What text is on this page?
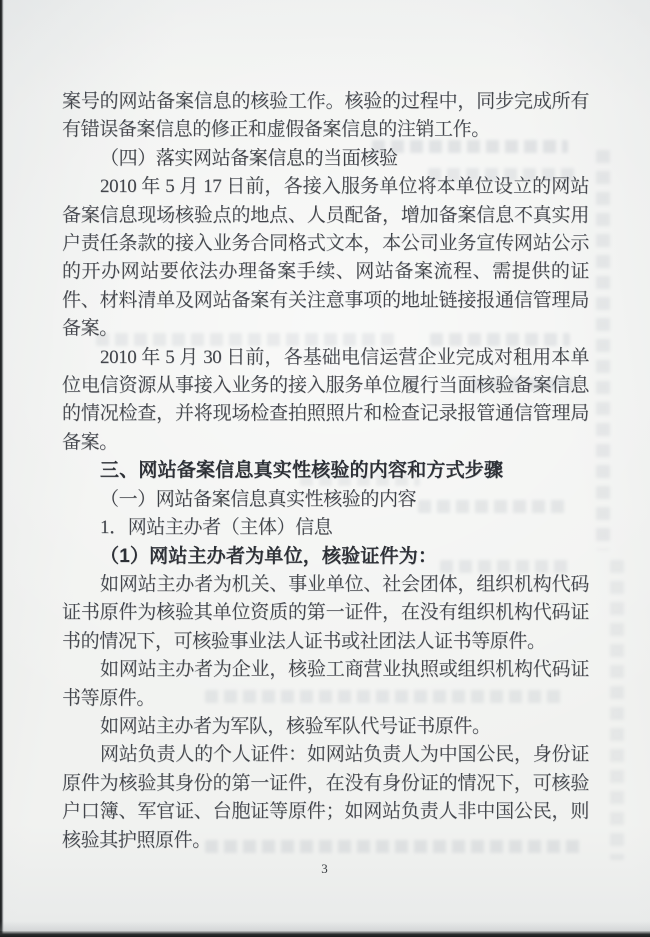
案号的网站备案信息的核验工作。核验的过程中，同步完成所有有错误备案信息的修正和虚假备案信息的注销工作。

（四）落实网站备案信息的当面核验

2010 年 5 月 17 日前，各接入服务单位将本单位设立的网站备案信息现场核验点的地点、人员配备，增加备案信息不真实用户责任条款的接入业务合同格式文本，本公司业务宣传网站公示的开办网站要依法办理备案手续、网站备案流程、需提供的证件、材料清单及网站备案有关注意事项的地址链接报通信管理局备案。

2010 年 5 月 30 日前，各基础电信运营企业完成对租用本单位电信资源从事接入业务的接入服务单位履行当面核验备案信息的情况检查，并将现场检查拍照照片和检查记录报管通信管理局备案。

三、网站备案信息真实性核验的内容和方式步骤

（一）网站备案信息真实性核验的内容

1．网站主办者（主体）信息

（1）网站主办者为单位，核验证件为：

如网站主办者为机关、事业单位、社会团体，组织机构代码证书原件为核验其单位资质的第一证件，在没有组织机构代码证书的情况下，可核验事业法人证书或社团法人证书等原件。

如网站主办者为企业，核验工商营业执照或组织机构代码证书等原件。

如网站主办者为军队，核验军队代号证书原件。

网站负责人的个人证件：如网站负责人为中国公民，身份证原件为核验其身份的第一证件，在没有身份证的情况下，可核验户口簿、军官证、台胞证等原件；如网站负责人非中国公民，则核验其护照原件。

3
